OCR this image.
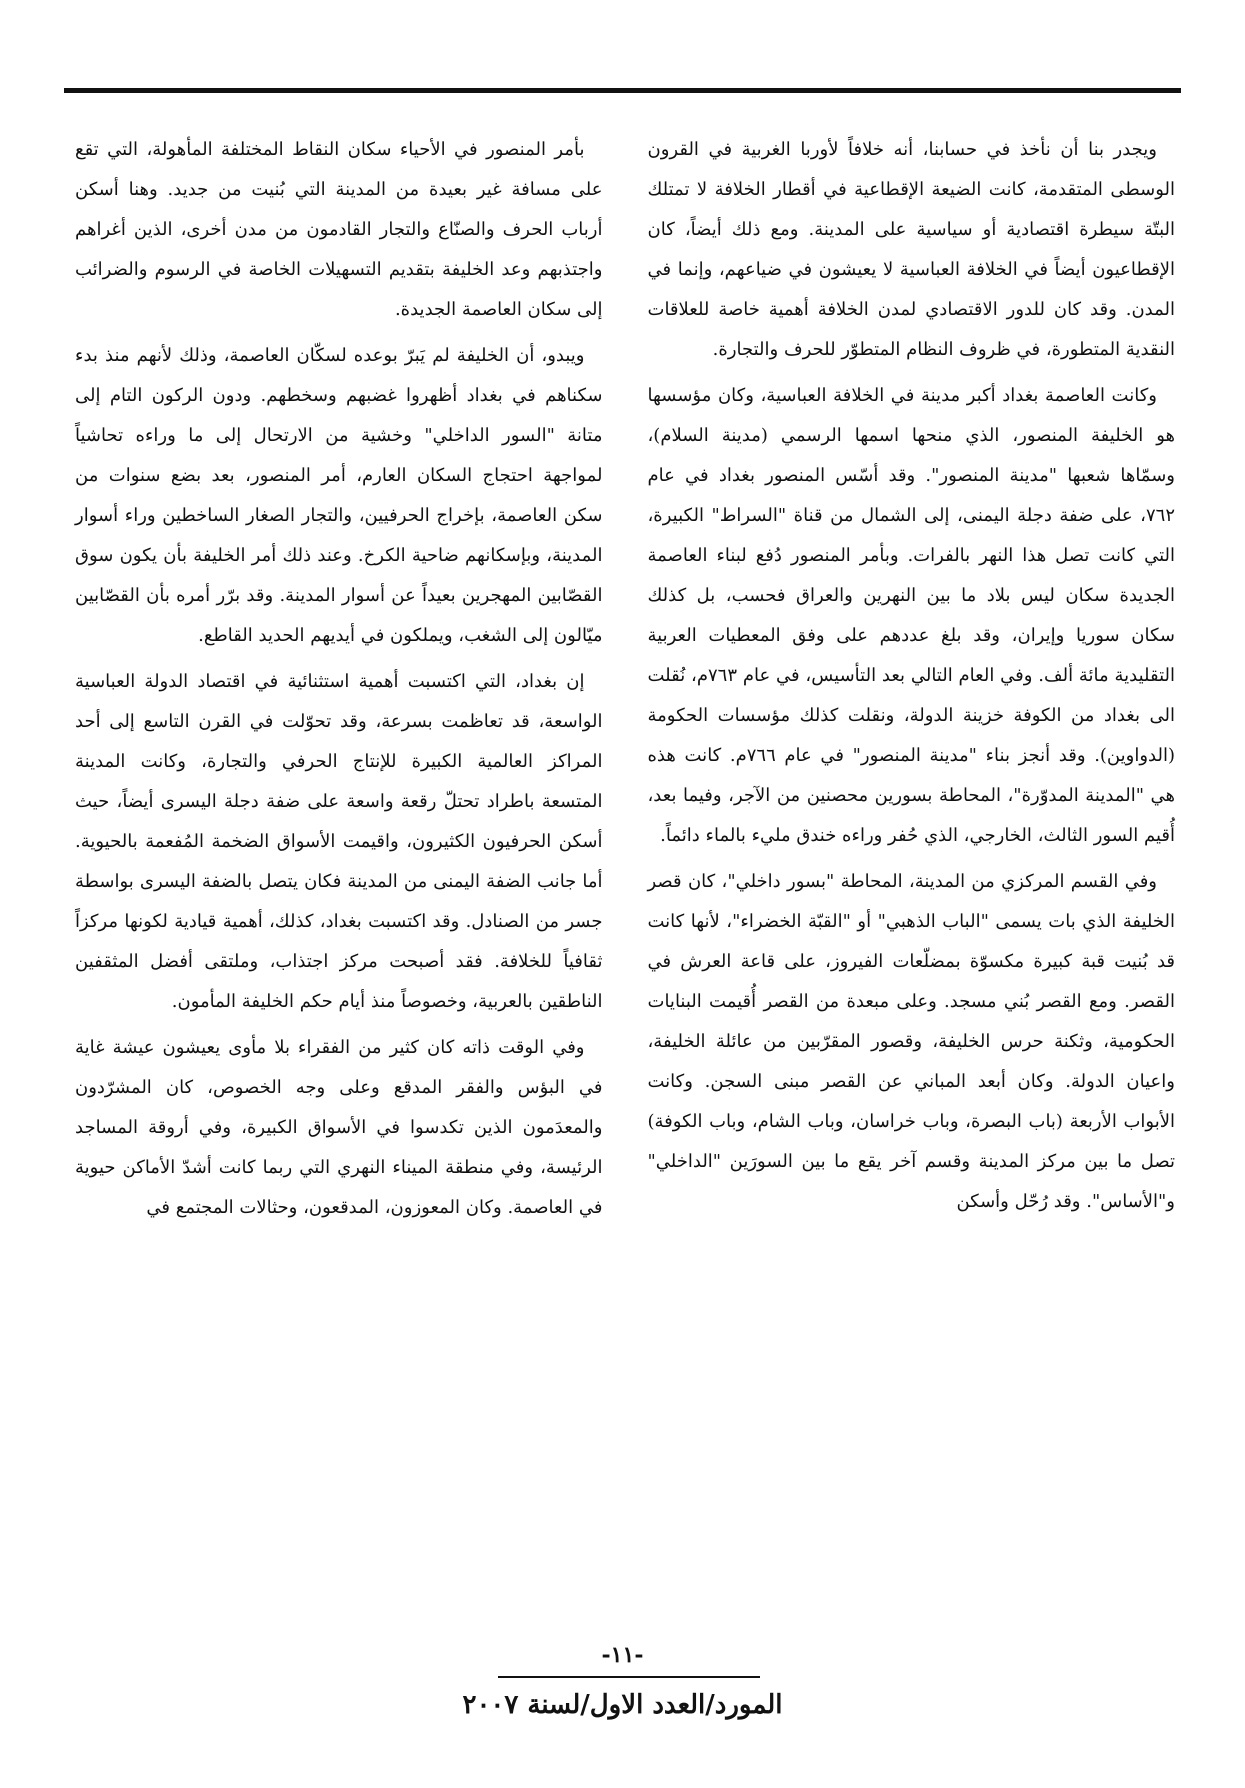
ويجدر بنا أن نأخذ في حسابنا، أنه خلافاً لأوربا الغربية في القرون الوسطى المتقدمة، كانت الضيعة الإقطاعية في أقطار الخلافة لا تمتلك البتّة سيطرة اقتصادية أو سياسية على المدينة. ومع ذلك أيضاً، كان الإقطاعيون أيضاً في الخلافة العباسية لا يعيشون في ضياعهم، وإنما في المدن. وقد كان للدور الاقتصادي لمدن الخلافة أهمية خاصة للعلاقات النقدية المتطورة، في ظروف النظام المتطوّر للحرف والتجارة.

وكانت العاصمة بغداد أكبر مدينة في الخلافة العباسية، وكان مؤسسها هو الخليفة المنصور، الذي منحها اسمها الرسمي (مدينة السلام)، وسمّاها شعبها "مدينة المنصور". وقد أسّس المنصور بغداد في عام ٧٦٢، على ضفة دجلة اليمنى، إلى الشمال من قناة "السراط" الكبيرة، التي كانت تصل هذا النهر بالفرات. وبأمر المنصور دُفع لبناء العاصمة الجديدة سكان ليس بلاد ما بين النهرين والعراق فحسب، بل كذلك سكان سوريا وإيران، وقد بلغ عددهم على وفق المعطيات العربية التقليدية مائة ألف. وفي العام التالي بعد التأسيس، في عام ٧٦٣م، نُقلت الى بغداد من الكوفة خزينة الدولة، ونقلت كذلك مؤسسات الحكومة (الدواوين). وقد أنجز بناء "مدينة المنصور" في عام ٧٦٦م. كانت هذه هي "المدينة المدوّرة"، المحاطة بسورين محصنين من الآجر، وفيما بعد، أُقيم السور الثالث، الخارجي، الذي حُفر وراءه خندق مليء بالماء دائماً.

وفي القسم المركزي من المدينة، المحاطة "بسور داخلي"، كان قصر الخليفة الذي بات يسمى "الباب الذهبي" أو "القبّة الخضراء"، لأنها كانت قد بُنيت قبة كبيرة مكسوّة بمضلّعات الفيروز، على قاعة العرش في القصر. ومع القصر بُني مسجد. وعلى مبعدة من القصر أُقيمت البنايات الحكومية، وثكنة حرس الخليفة، وقصور المقرّبين من عائلة الخليفة، واعيان الدولة. وكان أبعد المباني عن القصر مبنى السجن. وكانت الأبواب الأربعة (باب البصرة، وباب خراسان، وباب الشام، وباب الكوفة) تصل ما بين مركز المدينة وقسم آخر يقع ما بين السورَين "الداخلي" و"الأساس". وقد رُحّل وأسكن

بأمر المنصور في الأحياء سكان النقاط المختلفة المأهولة، التي تقع على مسافة غير بعيدة من المدينة التي بُنيت من جديد. وهنا أسكن أرباب الحرف والصنّاع والتجار القادمون من مدن أخرى، الذين أغراهم واجتذبهم وعد الخليفة بتقديم التسهيلات الخاصة في الرسوم والضرائب إلى سكان العاصمة الجديدة.

ويبدو، أن الخليفة لم يَبرّ بوعده لسكّان العاصمة، وذلك لأنهم منذ بدء سكناهم في بغداد أظهروا غضبهم وسخطهم. ودون الركون التام إلى متانة "السور الداخلي" وخشية من الارتحال إلى ما وراءه تحاشياً لمواجهة احتجاج السكان العارم، أمر المنصور، بعد بضع سنوات من سكن العاصمة، بإخراج الحرفيين، والتجار الصغار الساخطين وراء أسوار المدينة، وبإسكانهم ضاحية الكرخ. وعند ذلك أمر الخليفة بأن يكون سوق القصّابين المهجرين بعيداً عن أسوار المدينة. وقد برّر أمره بأن القصّابين ميّالون إلى الشغب، ويملكون في أيديهم الحديد القاطع.

إن بغداد، التي اكتسبت أهمية استثنائية في اقتصاد الدولة العباسية الواسعة، قد تعاظمت بسرعة، وقد تحوّلت في القرن التاسع إلى أحد المراكز العالمية الكبيرة للإنتاج الحرفي والتجارة، وكانت المدينة المتسعة باطراد تحتلّ رقعة واسعة على ضفة دجلة اليسرى أيضاً، حيث أسكن الحرفيون الكثيرون، واقيمت الأسواق الضخمة المُفعمة بالحيوية. أما جانب الضفة اليمنى من المدينة فكان يتصل بالضفة اليسرى بواسطة جسر من الصنادل. وقد اكتسبت بغداد، كذلك، أهمية قيادية لكونها مركزاً ثقافياً للخلافة. فقد أصبحت مركز اجتذاب، وملتقى أفضل المثقفين الناطقين بالعربية، وخصوصاً منذ أيام حكم الخليفة المأمون.

وفي الوقت ذاته كان كثير من الفقراء بلا مأوى يعيشون عيشة غاية في البؤس والفقر المدقع وعلى وجه الخصوص، كان المشرّدون والمعدَمون الذين تكدسوا في الأسواق الكبيرة، وفي أروقة المساجد الرئيسة، وفي منطقة الميناء النهري التي ربما كانت أشدّ الأماكن حيوية في العاصمة. وكان المعوزون، المدقعون، وحثالات المجتمع في

-١١-
المورد/العدد الاول/لسنة ٢٠٠٧
